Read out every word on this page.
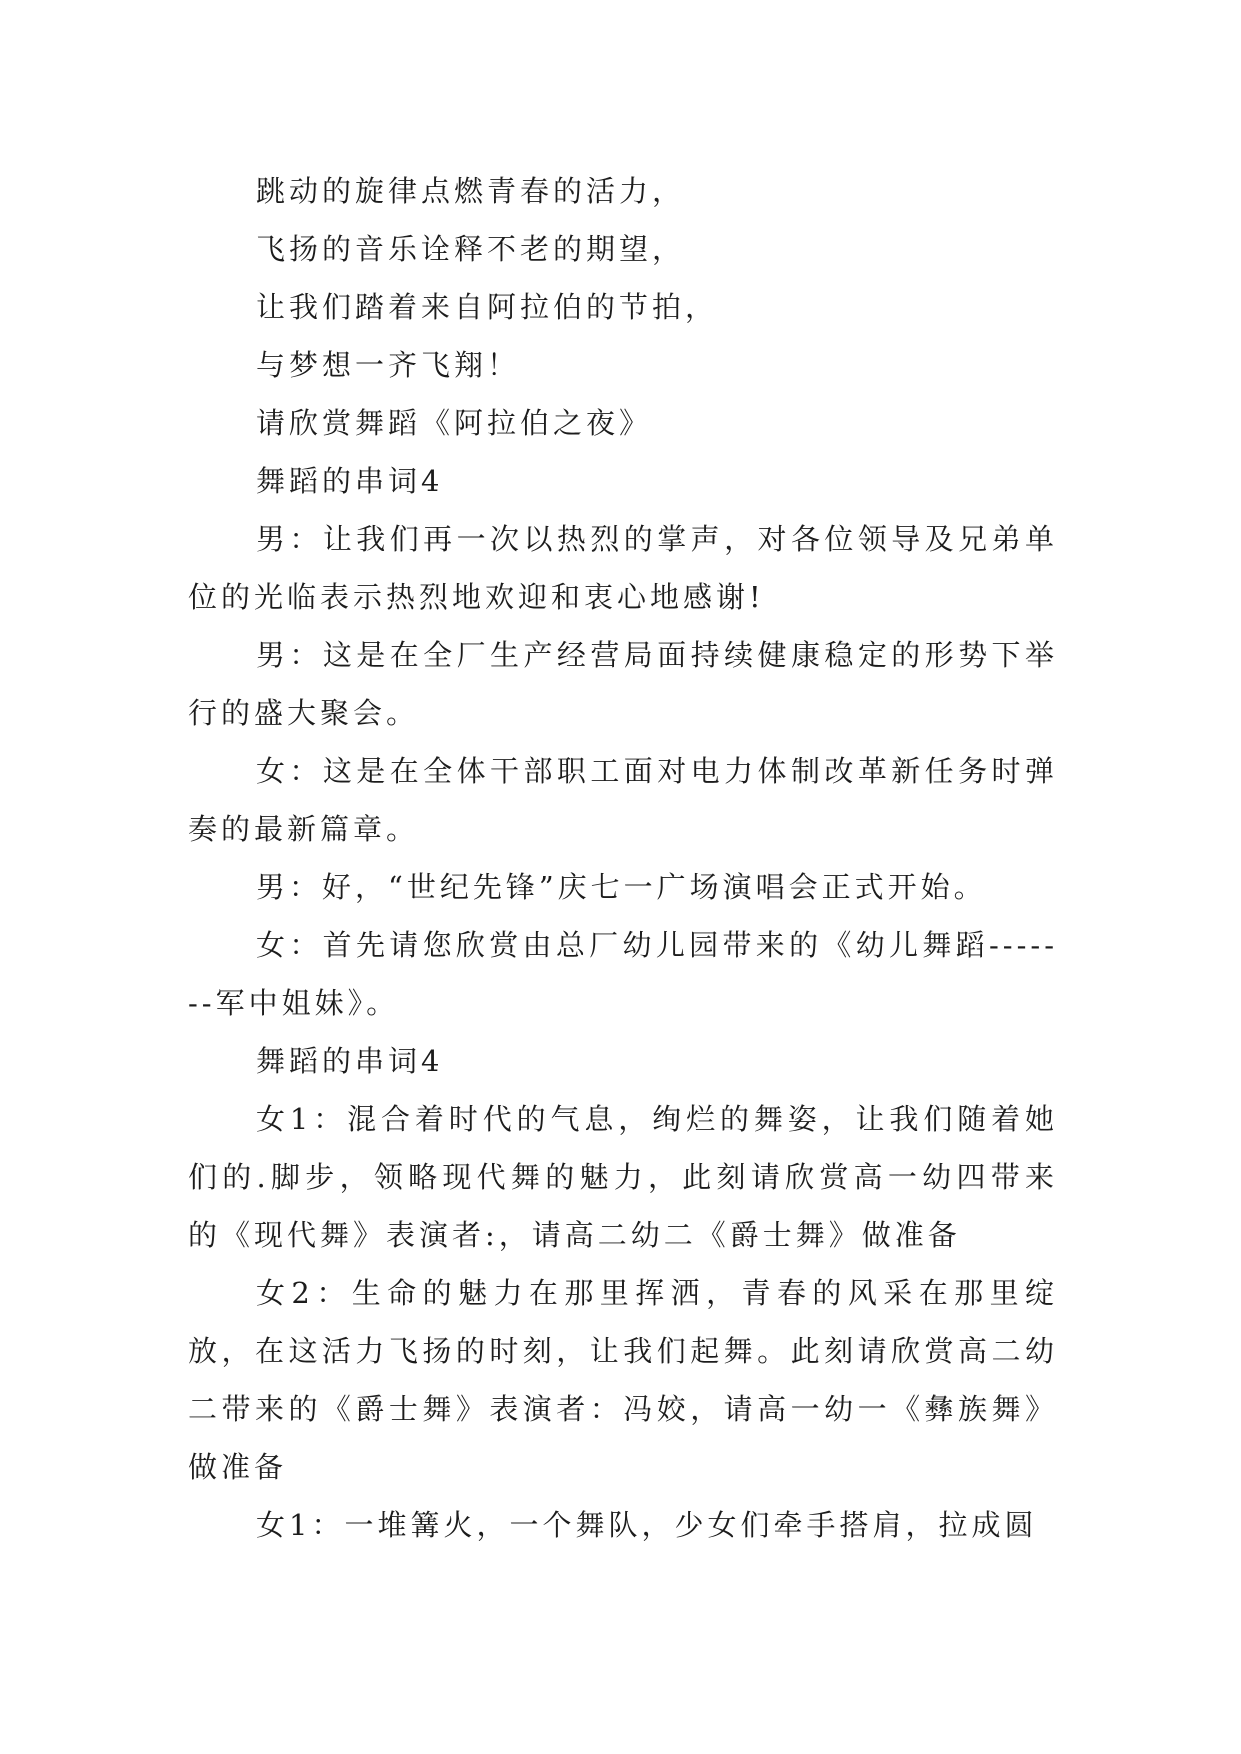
跳动的旋律点燃青春的活力，

飞扬的音乐诠释不老的期望，

让我们踏着来自阿拉伯的节拍，

与梦想一齐飞翔！

请欣赏舞蹈《阿拉伯之夜》

舞蹈的串词4

男：让我们再一次以热烈的掌声，对各位领导及兄弟单位的光临表示热烈地欢迎和衷心地感谢!

男：这是在全厂生产经营局面持续健康稳定的形势下举行的盛大聚会。

女：这是在全体干部职工面对电力体制改革新任务时弹奏的最新篇章。

男：好，“世纪先锋”庆七一广场演唱会正式开始。

女：首先请您欣赏由总厂幼儿园带来的《幼儿舞蹈-------军中姐妹》。

舞蹈的串词4

女1：混合着时代的气息，绚烂的舞姿，让我们随着她们的.脚步，领略现代舞的魅力，此刻请欣赏高一幼四带来的《现代舞》表演者:，请高二幼二《爵士舞》做准备

女2：生命的魅力在那里挥洒，青春的风采在那里绽放，在这活力飞扬的时刻，让我们起舞。此刻请欣赏高二幼二带来的《爵士舞》表演者：冯姣，请高一幼一《彝族舞》做准备

女1：一堆篝火，一个舞队，少女们牵手搭肩，拉成圆
